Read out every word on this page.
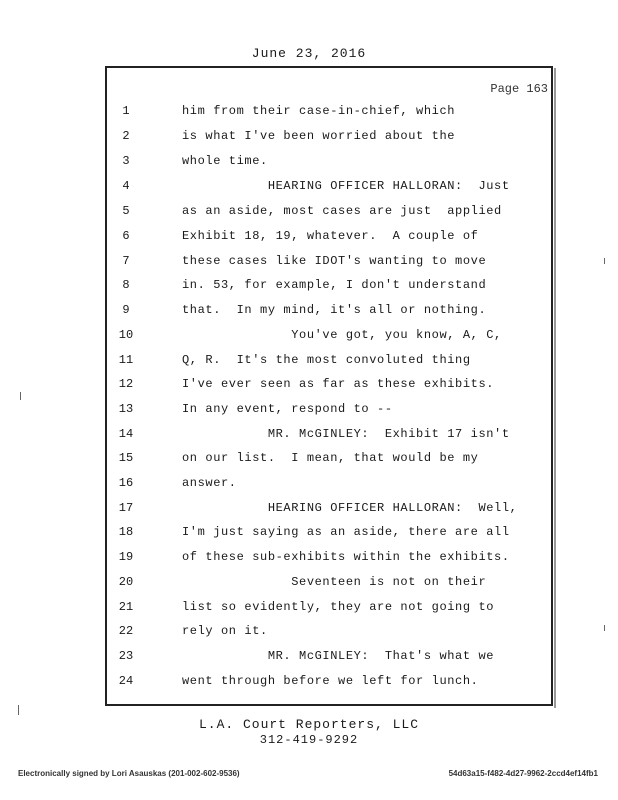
June 23, 2016
Page 163
1	him from their case-in-chief, which
2	is what I've been worried about the
3	whole time.
4	HEARING OFFICER HALLORAN:  Just
5	as an aside, most cases are just  applied
6	Exhibit 18, 19, whatever.  A couple of
7	these cases like IDOT's wanting to move
8	in. 53, for example, I don't understand
9	that.  In my mind, it's all or nothing.
10	You've got, you know, A, C,
11	Q, R.  It's the most convoluted thing
12	I've ever seen as far as these exhibits.
13	In any event, respond to --
14	MR. McGINLEY:  Exhibit 17 isn't
15	on our list.  I mean, that would be my
16	answer.
17	HEARING OFFICER HALLORAN:  Well,
18	I'm just saying as an aside, there are all
19	of these sub-exhibits within the exhibits.
20	Seventeen is not on their
21	list so evidently, they are not going to
22	rely on it.
23	MR. McGINLEY:  That's what we
24	went through before we left for lunch.
L.A. Court Reporters, LLC
312-419-9292
Electronically signed by Lori Asauskas (201-002-602-9536)	54d63a15-f482-4d27-9962-2ccd4ef14fb1
